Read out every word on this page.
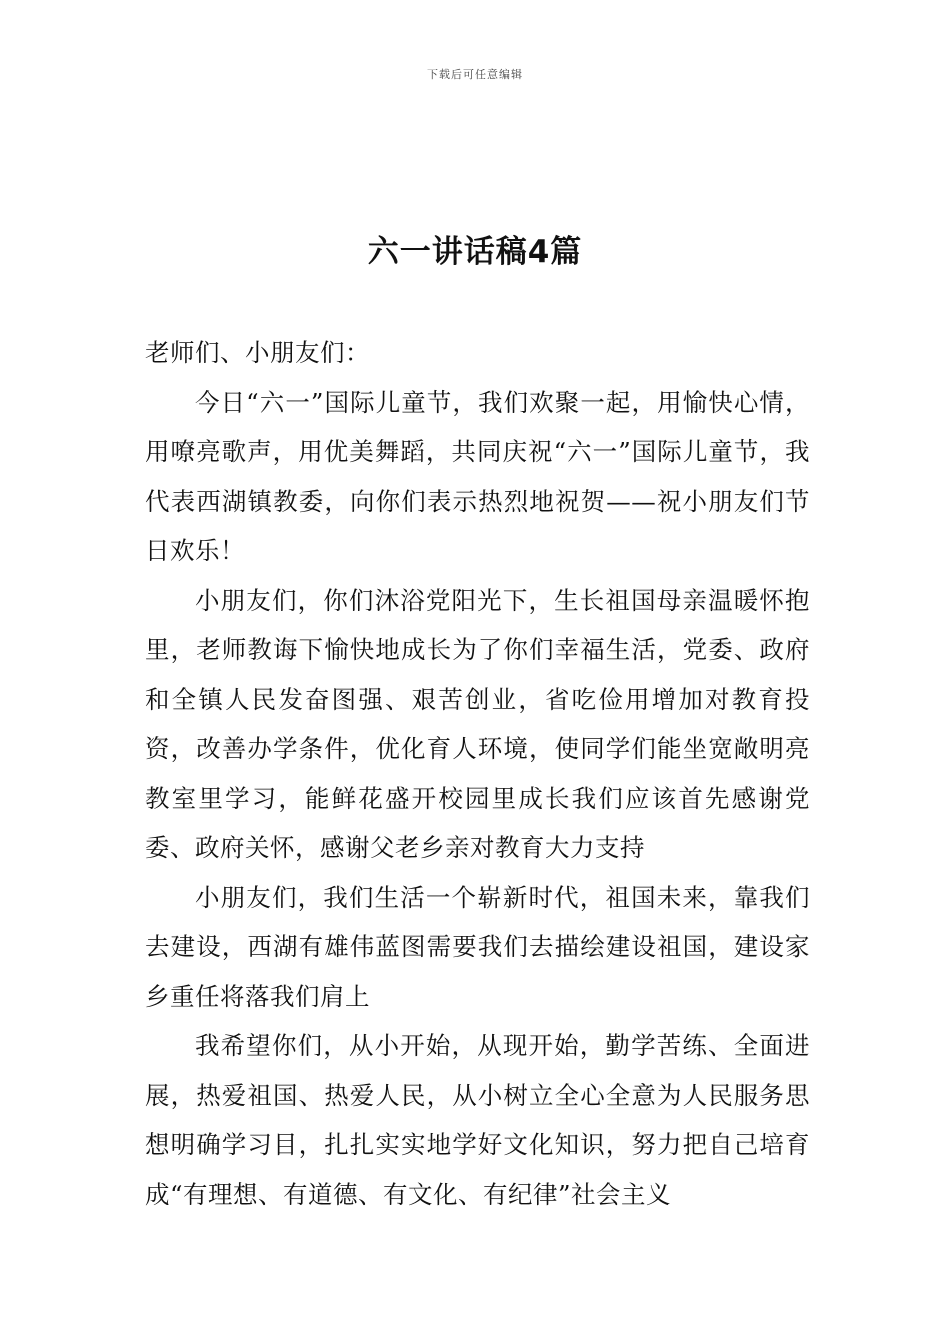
下载后可任意编辑
六一讲话稿4篇

老师们、小朋友们：

今日“六一”国际儿童节，我们欢聚一起，用愉快心情，用嘹亮歌声，用优美舞蹈，共同庆祝“六一”国际儿童节，我代表西湖镇教委，向你们表示热烈地祝贺——祝小朋友们节日欢乐！

小朋友们，你们沐浴党阳光下，生长祖国母亲温暖怀抱里，老师教诲下愉快地成长为了你们幸福生活，党委、政府和全镇人民发奋图强、艰苦创业，省吃俭用增加对教育投资，改善办学条件，优化育人环境，使同学们能坐宽敞明亮教室里学习，能鲜花盛开校园里成长我们应该首先感谢党委、政府关怀，感谢父老乡亲对教育大力支持

小朋友们，我们生活一个崭新时代，祖国未来，靠我们去建设，西湖有雄伟蓝图需要我们去描绘建设祖国，建设家乡重任将落我们肩上

我希望你们，从小开始，从现开始，勤学苦练、全面进展，热爱祖国、热爱人民，从小树立全心全意为人民服务思想明确学习目，扎扎实实地学好文化知识，努力把自己培育成“有理想、有道德、有文化、有纪律”社会主义
